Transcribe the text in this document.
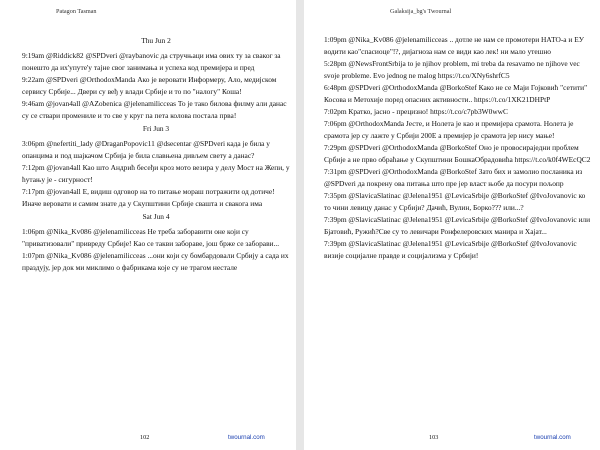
Patagon Tasman
Thu Jun 2

9:19am @Riddick82 @SPDveri @raybanovic да стручњаци има ових ту за сваког за понешто да их'упуте'у тајне свог занимања и успеха код премијера и пред

9:22am @SPDveri @OrthodoxManda Ако је веровати Информеру, Ало, медијском сервису Србије... Двери су веђ у влади Србије и то по "налогу" Коша!

9:46am @jovan4all @AZobenica @jelenamilicceas То је тако билова филму али данас су се ствари промениле и то све у круг па пета колова постала прва!

Fri Jun 3

3:06pm @nefertiti_lady @DraganPopovic11 @dsecentar @SPDveri када је била у опанцима и под шајкачом Србија је била славњена дивљем свету а данас?

7:12pm @jovan4all Као што Андрић бесеђи кроз мото везира у делу Мост на Жепи, у ћутању је - сигурност!

7:17pm @jovan4all Е, видиш одговор на то питање мораш потражити од дотиче! Иначе веровати и самим знате да у Скупштини Србије свашта и свакога има

Sat Jun 4

1:06pm @Nika_Kv086 @jelenamilicceas Не треба заборавити оне који су "приватизовали" привреду Србије! Као се такви забораве, још брже се заборави...

1:07pm @Nika_Kv086 @jelenamilicceas ...они који су бомбардовали Србију а сада их праздују, јер док ми миклимо о фабрикама које су не трагом нестале

102	twournal.com
Galaksija_bg's Twournal

1:09pm @Nika_Kv086 @jelenamilicceas .. дотле не нам се промотери НАТО-а и ЕУ водити као"спасиоце"!?, дијагноза нам се види као лек! ни мало утешно

5:28pm @NewsFrontSrbija to je njihov problem, mi treba da resavamo ne njihove vec svoje probleme. Evo jednog ne malog https://t.co/XNy6shrfC5

6:48pm @SPDveri @OrthodoxManda @BorkoStef Како не се Маји Гојковић "сетити" Косова и Метохије поред опасних активности.. https://t.co/1XK21DHPtP

7:02pm Кратко, јасно - прецизно! https://t.co/c7pb3W0wwC

7:06pm @OrthodoxManda Јесте, и Нолета је као и премијера срамота. Нолета је срамота јер су лажте у Србији 200Е а премијер је срамота јер нису мање!

7:29pm @SPDveri @OrthodoxManda @BorkoStef Оно је провоcираједни проблем Србије а не прво обраћање у Скупштини БошкаОбрадовића https://t.co/k0f4WEcQC2

7:31pm @SPDveri @OrthodoxManda @BorkoStef Зато бих и замолио посланика из @SPDveri да покрену ова питања што пре јер власт њобе да посури пољопр

7:35pm @SlavicaSlatinac @Jelena1951 @LevicaSrbije @BorkoStef @IvoJovanovic ко то чини левицу данас у Србији? Дачић, Вулин, Борко??? или...?

7:39pm @SlavicaSlatinac @Jelena1951 @LevicaSrbije @BorkoStef @IvoJovanovic или Бјатовић, Ружић?Све су то левичари Ронфелеровских манира и Хајат...

7:39pm @SlavicaSlatinac @Jelena1951 @LevicaSrbije @BorkoStef @IvoJovanovic визије социјалне правде и социјализма у Србији!

103	twournal.com
